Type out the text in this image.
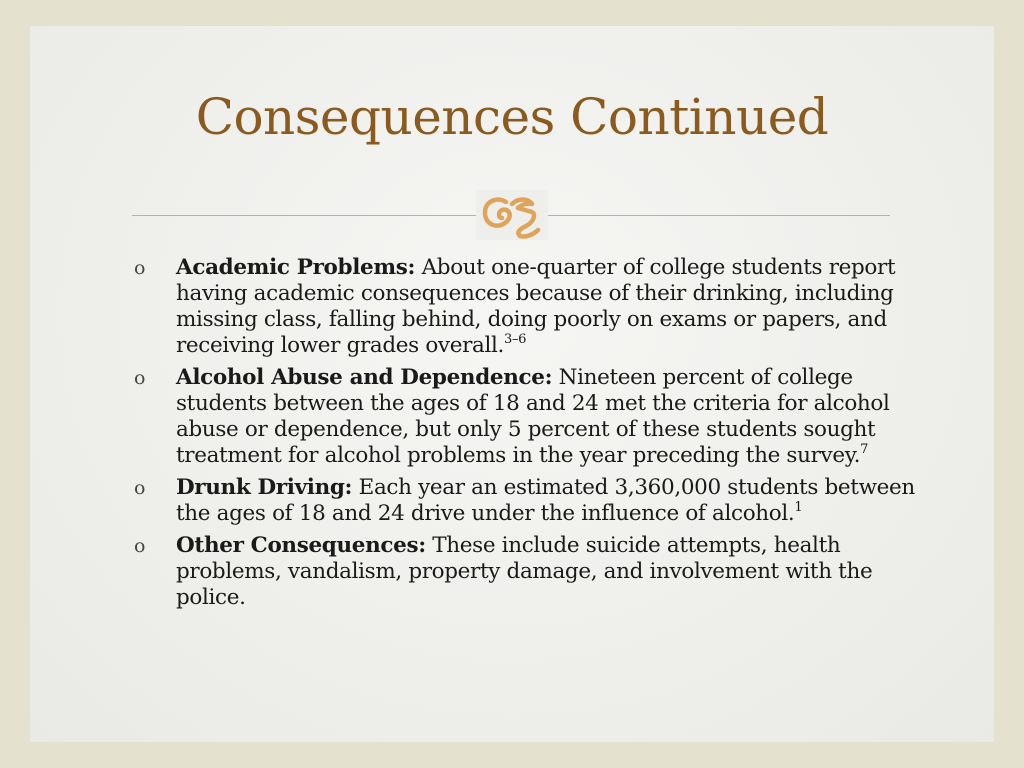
Consequences Continued
o Academic Problems: About one-quarter of college students report having academic consequences because of their drinking, including missing class, falling behind, doing poorly on exams or papers, and receiving lower grades overall.$^{3-6}$
o Alcohol Abuse and Dependence: Nineteen percent of college students between the ages of 18 and 24 met the criteria for alcohol abuse or dependence, but only 5 percent of these students sought treatment for alcohol problems in the year preceding the survey.$^7$
o Drunk Driving: Each year an estimated 3,360,000 students between the ages of 18 and 24 drive under the influence of alcohol.$^1$
o Other Consequences: These include suicide attempts, health problems, vandalism, property damage, and involvement with the police.
